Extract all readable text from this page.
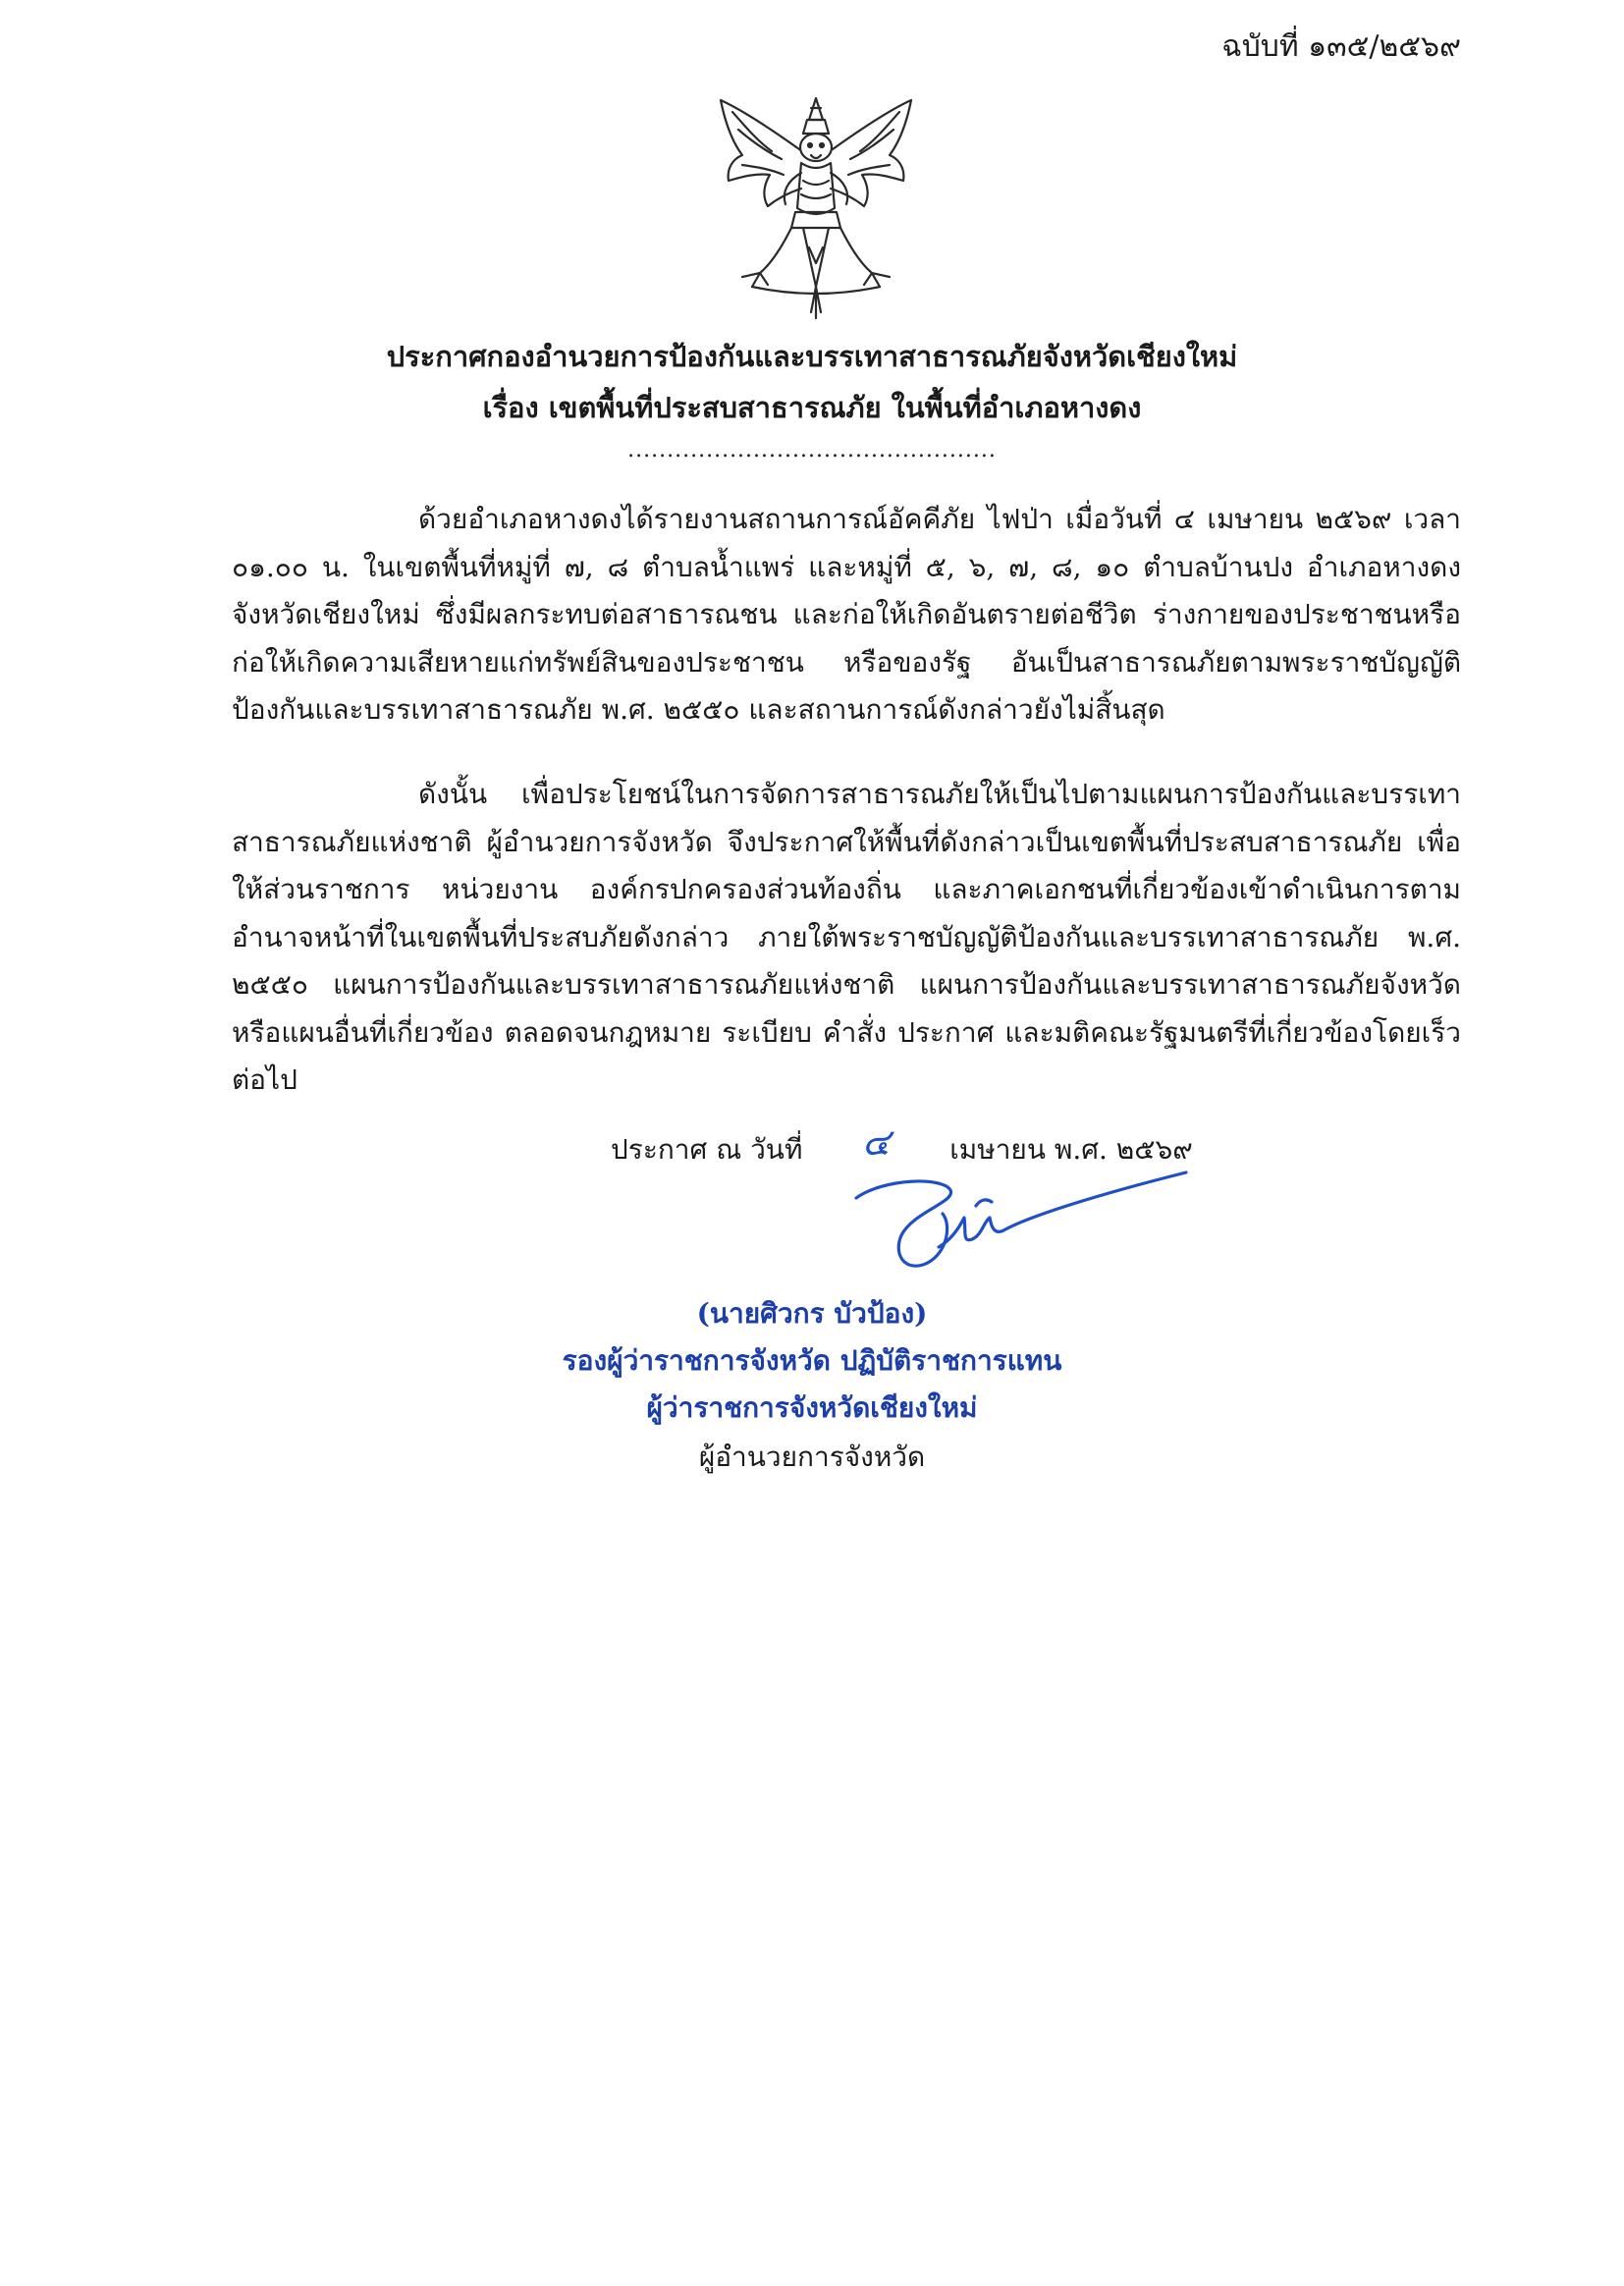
ฉบับที่ ๑๓๕/๒๕๖๙
ประกาศกองอำนวยการป้องกันและบรรเทาสาธารณภัยจังหวัดเชียงใหม่
เรื่อง เขตพื้นที่ประสบสาธารณภัย ในพื้นที่อำเภอหางดง
...............................................

ด้วยอำเภอหางดงได้รายงานสถานการณ์อัคคีภัย ไฟป่า เมื่อวันที่ ๔ เมษายน ๒๕๖๙ เวลา ๐๑.๐๐ น. ในเขตพื้นที่หมู่ที่ ๗, ๘ ตำบลน้ำแพร่ และหมู่ที่ ๕, ๖, ๗, ๘, ๑๐ ตำบลบ้านปง อำเภอหางดง จังหวัดเชียงใหม่ ซึ่งมีผลกระทบต่อสาธารณชน และก่อให้เกิดอันตรายต่อชีวิต ร่างกายของประชาชนหรือก่อให้เกิดความเสียหายแก่ทรัพย์สินของประชาชน หรือของรัฐ อันเป็นสาธารณภัยตามพระราชบัญญัติป้องกันและบรรเทาสาธารณภัย พ.ศ. ๒๕๕๐ และสถานการณ์ดังกล่าวยังไม่สิ้นสุด

ดังนั้น เพื่อประโยชน์ในการจัดการสาธารณภัยให้เป็นไปตามแผนการป้องกันและบรรเทาสาธารณภัยแห่งชาติ ผู้อำนวยการจังหวัด จึงประกาศให้พื้นที่ดังกล่าวเป็นเขตพื้นที่ประสบสาธารณภัย เพื่อให้ส่วนราชการ หน่วยงาน องค์กรปกครองส่วนท้องถิ่น และภาคเอกชนที่เกี่ยวข้องเข้าดำเนินการตามอำนาจหน้าที่ในเขตพื้นที่ประสบภัยดังกล่าว ภายใต้พระราชบัญญัติป้องกันและบรรเทาสาธารณภัย พ.ศ. ๒๕๕๐ แผนการป้องกันและบรรเทาสาธารณภัยแห่งชาติ แผนการป้องกันและบรรเทาสาธารณภัยจังหวัด หรือแผนอื่นที่เกี่ยวข้อง ตลอดจนกฎหมาย ระเบียบ คำสั่ง ประกาศ และมติคณะรัฐมนตรีที่เกี่ยวข้องโดยเร็วต่อไป

ประกาศ ณ วันที่ ๔ เมษายน พ.ศ. ๒๕๖๙
(นายศิวกร บัวป้อง)
รองผู้ว่าราชการจังหวัด ปฏิบัติราชการแทน
ผู้ว่าราชการจังหวัดเชียงใหม่
ผู้อำนวยการจังหวัด
